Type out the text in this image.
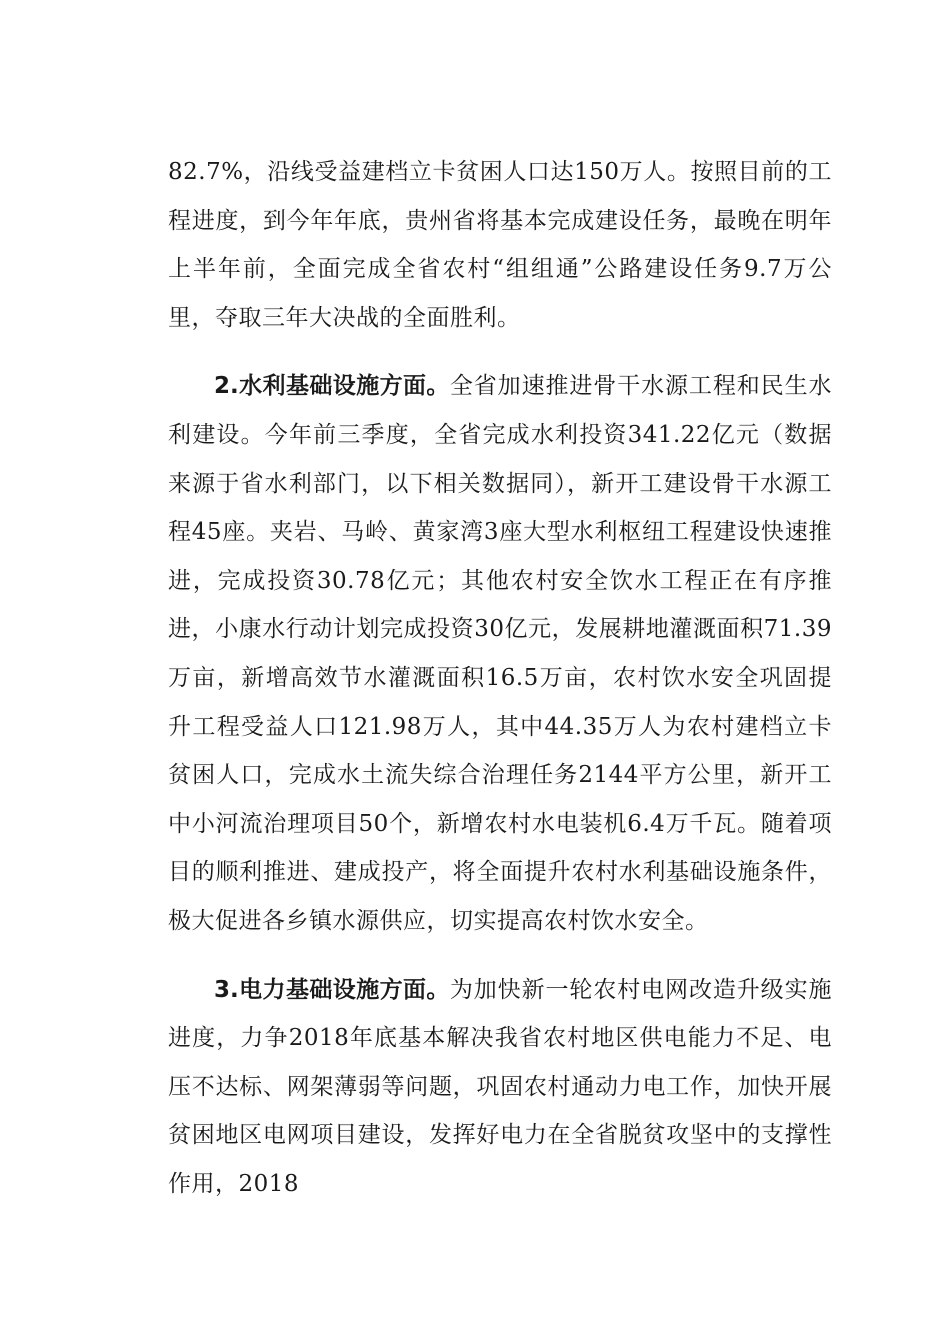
82.7%，沿线受益建档立卡贫困人口达150万人。按照目前的工程进度，到今年年底，贵州省将基本完成建设任务，最晚在明年上半年前，全面完成全省农村“组组通”公路建设任务9.7万公里，夺取三年大决战的全面胜利。

2.水利基础设施方面。全省加速推进骨干水源工程和民生水利建设。今年前三季度，全省完成水利投资341.22亿元（数据来源于省水利部门，以下相关数据同），新开工建设骨干水源工程45座。夹岩、马岭、黄家湾3座大型水利枢纽工程建设快速推进，完成投资30.78亿元；其他农村安全饮水工程正在有序推进，小康水行动计划完成投资30亿元，发展耕地灌溉面积71.39万亩，新增高效节水灌溉面积16.5万亩，农村饮水安全巩固提升工程受益人口121.98万人，其中44.35万人为农村建档立卡贫困人口，完成水土流失综合治理任务2144平方公里，新开工中小河流治理项目50个，新增农村水电装机6.4万千瓦。随着项目的顺利推进、建成投产，将全面提升农村水利基础设施条件，极大促进各乡镇水源供应，切实提高农村饮水安全。

3.电力基础设施方面。为加快新一轮农村电网改造升级实施进度，力争2018年底基本解决我省农村地区供电能力不足、电压不达标、网架薄弱等问题，巩固农村通动力电工作，加快开展贫困地区电网项目建设，发挥好电力在全省脱贫攻坚中的支撑性作用，2018
